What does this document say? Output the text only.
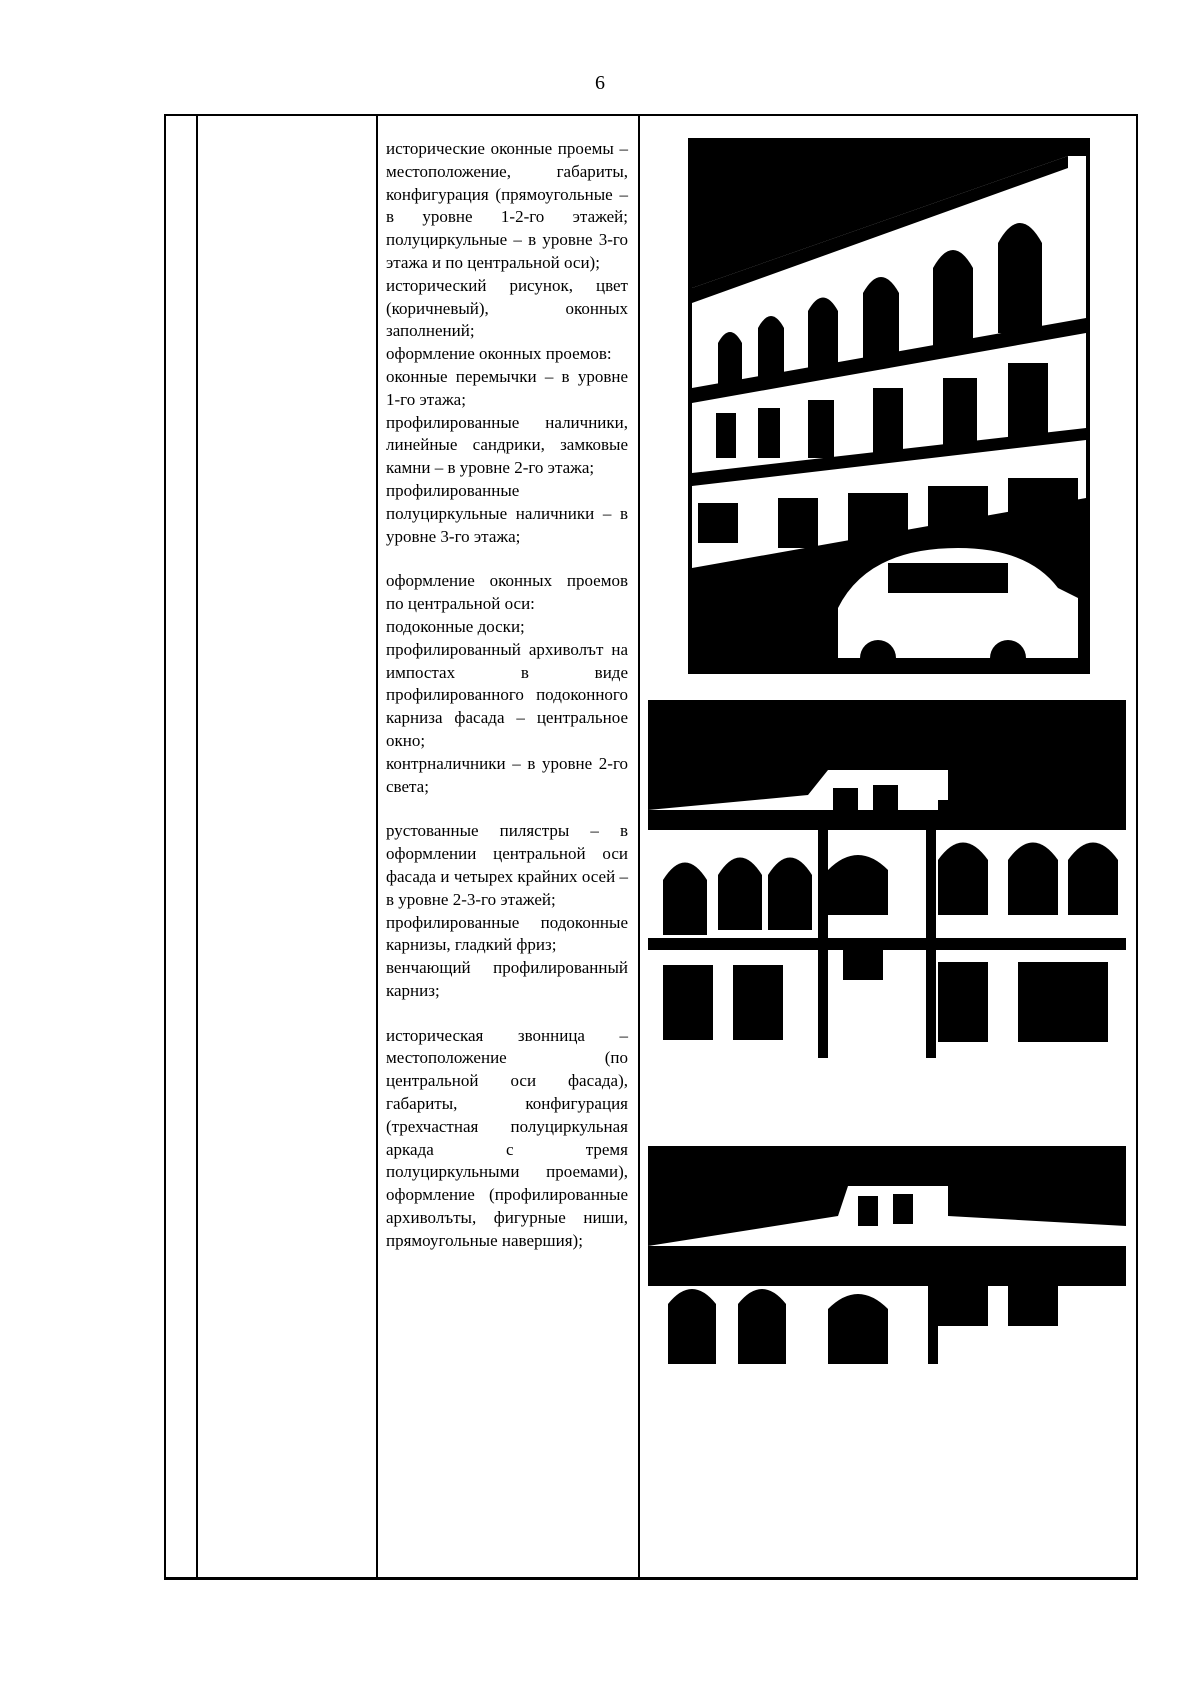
6

исторические оконные проемы – местоположение, габариты, конфигурация (прямоугольные – в уровне 1-2-го этажей; полуциркульные – в уровне 3-го этажа и по центральной оси);

исторический рисунок, цвет (коричневый), оконных заполнений;

оформление оконных проемов:

оконные перемычки – в уровне 1-го этажа;

профилированные наличники, линейные сандрики, замковые камни – в уровне 2-го этажа;

профилированные полуциркульные наличники – в уровне 3-го этажа;

оформление оконных проемов по центральной оси:

подоконные доски;

профилированный архиволът на импостах в виде профилированного подоконного карниза фасада – центральное окно;

контрналичники – в уровне 2-го света;

рустованные пилястры – в оформлении центральной оси фасада и четырех крайних осей – в уровне 2-3-го этажей;

профилированные подоконные карнизы, гладкий фриз;

венчающий профилированный карниз;

историческая звонница – местоположение (по центральной оси фасада), габариты, конфигурация (трехчастная полуциркульная аркада с тремя полуциркульными проемами), оформление (профилированные архиволъты, фигурные ниши, прямоугольные навершия);
